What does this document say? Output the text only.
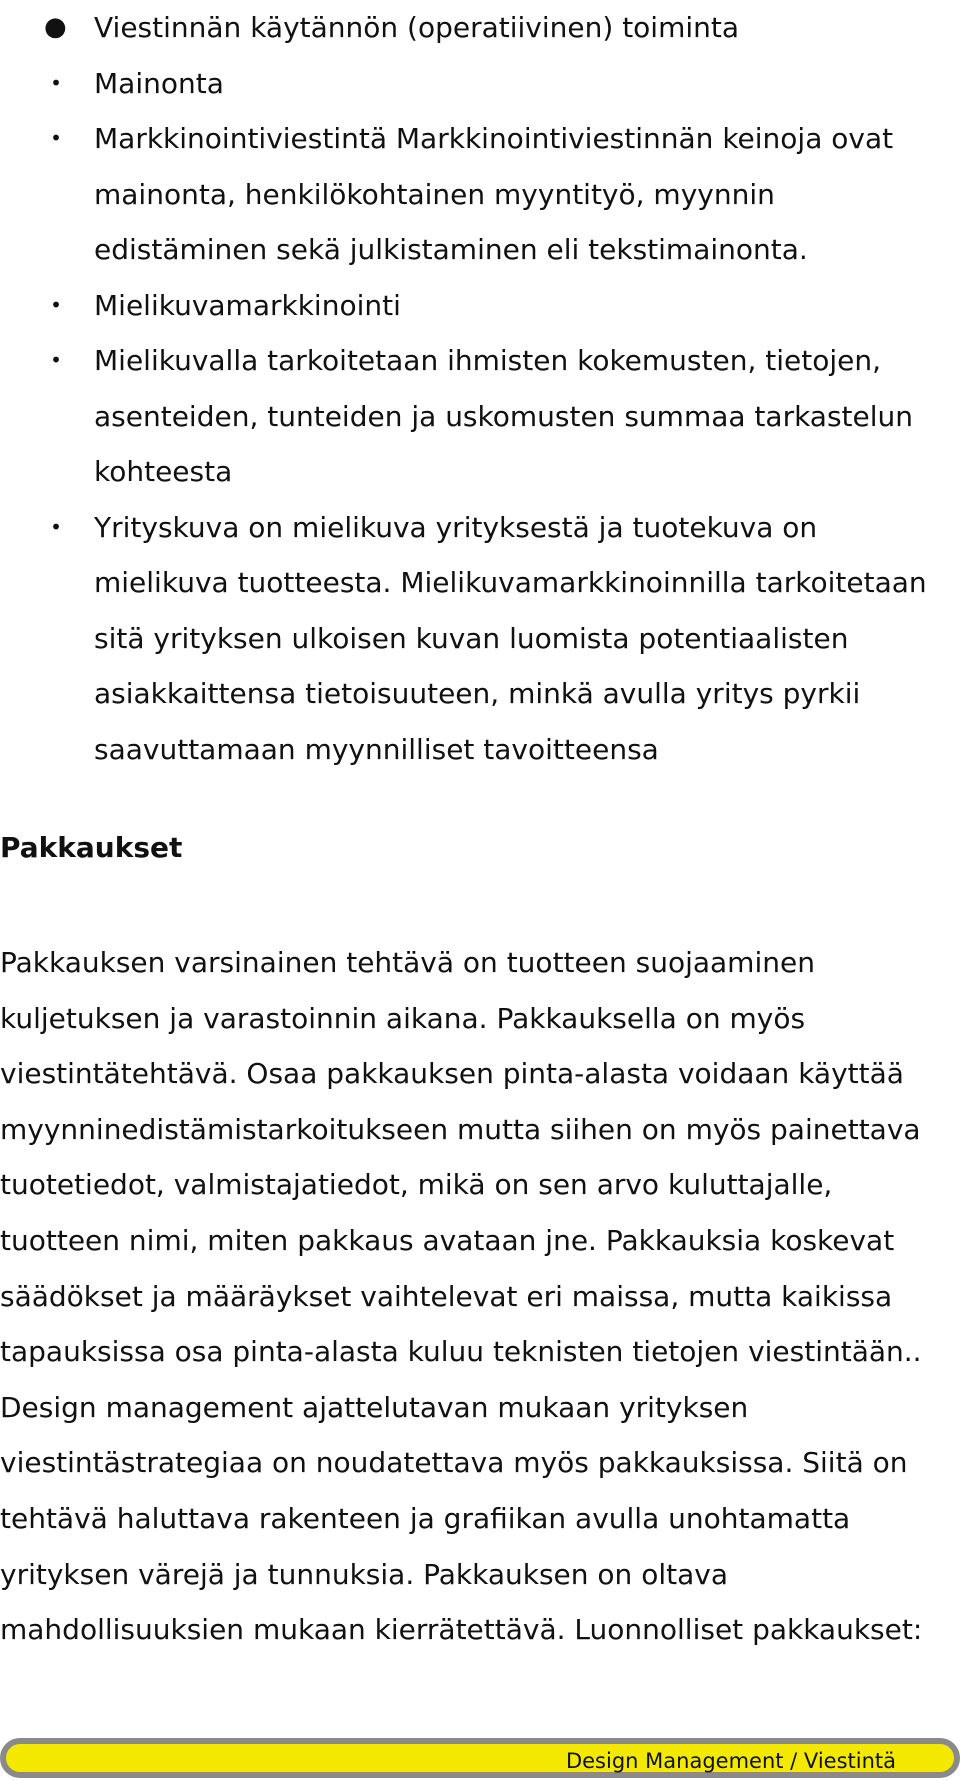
● Viestinnän käytännön (operatiivinen) toiminta
• Mainonta
• Markkinointiviestintä Markkinointiviestinnän keinoja ovat mainonta, henkilökohtainen myyntityö, myynnin edistäminen sekä julkistaminen eli tekstimainonta.
• Mielikuvamarkkinointi
• Mielikuvalla tarkoitetaan ihmisten kokemusten, tietojen, asenteiden, tunteiden ja uskomusten summaa tarkastelun kohteesta
• Yrityskuva on mielikuva yrityksestä ja tuotekuva on mielikuva tuotteesta. Mielikuvamarkkinoinnilla tarkoitetaan sitä yrityksen ulkoisen kuvan luomista potentiaalisten asiakkaittensa tietoisuuteen, minkä avulla yritys pyrkii saavuttamaan myynnilliset tavoitteensa
Pakkaukset

Pakkauksen varsinainen tehtävä on tuotteen suojaaminen kuljetuksen ja varastoinnin aikana. Pakkauksella on myös viestintätehtävä. Osaa pakkauksen pinta-alasta voidaan käyttää myynninedistämistarkoitukseen mutta siihen on myös painettava tuotetiedot, valmistajatiedot, mikä on sen arvo kuluttajalle, tuotteen nimi, miten pakkaus avataan jne. Pakkauksia koskevat säädökset ja määräykset vaihtelevat eri maissa, mutta kaikissa tapauksissa osa pinta-alasta kuluu teknisten tietojen viestintään.. Design management ajattelutavan mukaan yrityksen viestintästrategiaa on noudatettava myös pakkauksissa. Siitä on tehtävä haluttava rakenteen ja grafiikan avulla unohtamatta yrityksen värejä ja tunnuksia. Pakkauksen on oltava mahdollisuuksien mukaan kierrätettävä. Luonnolliset pakkaukset:

Design Management / Viestintä
